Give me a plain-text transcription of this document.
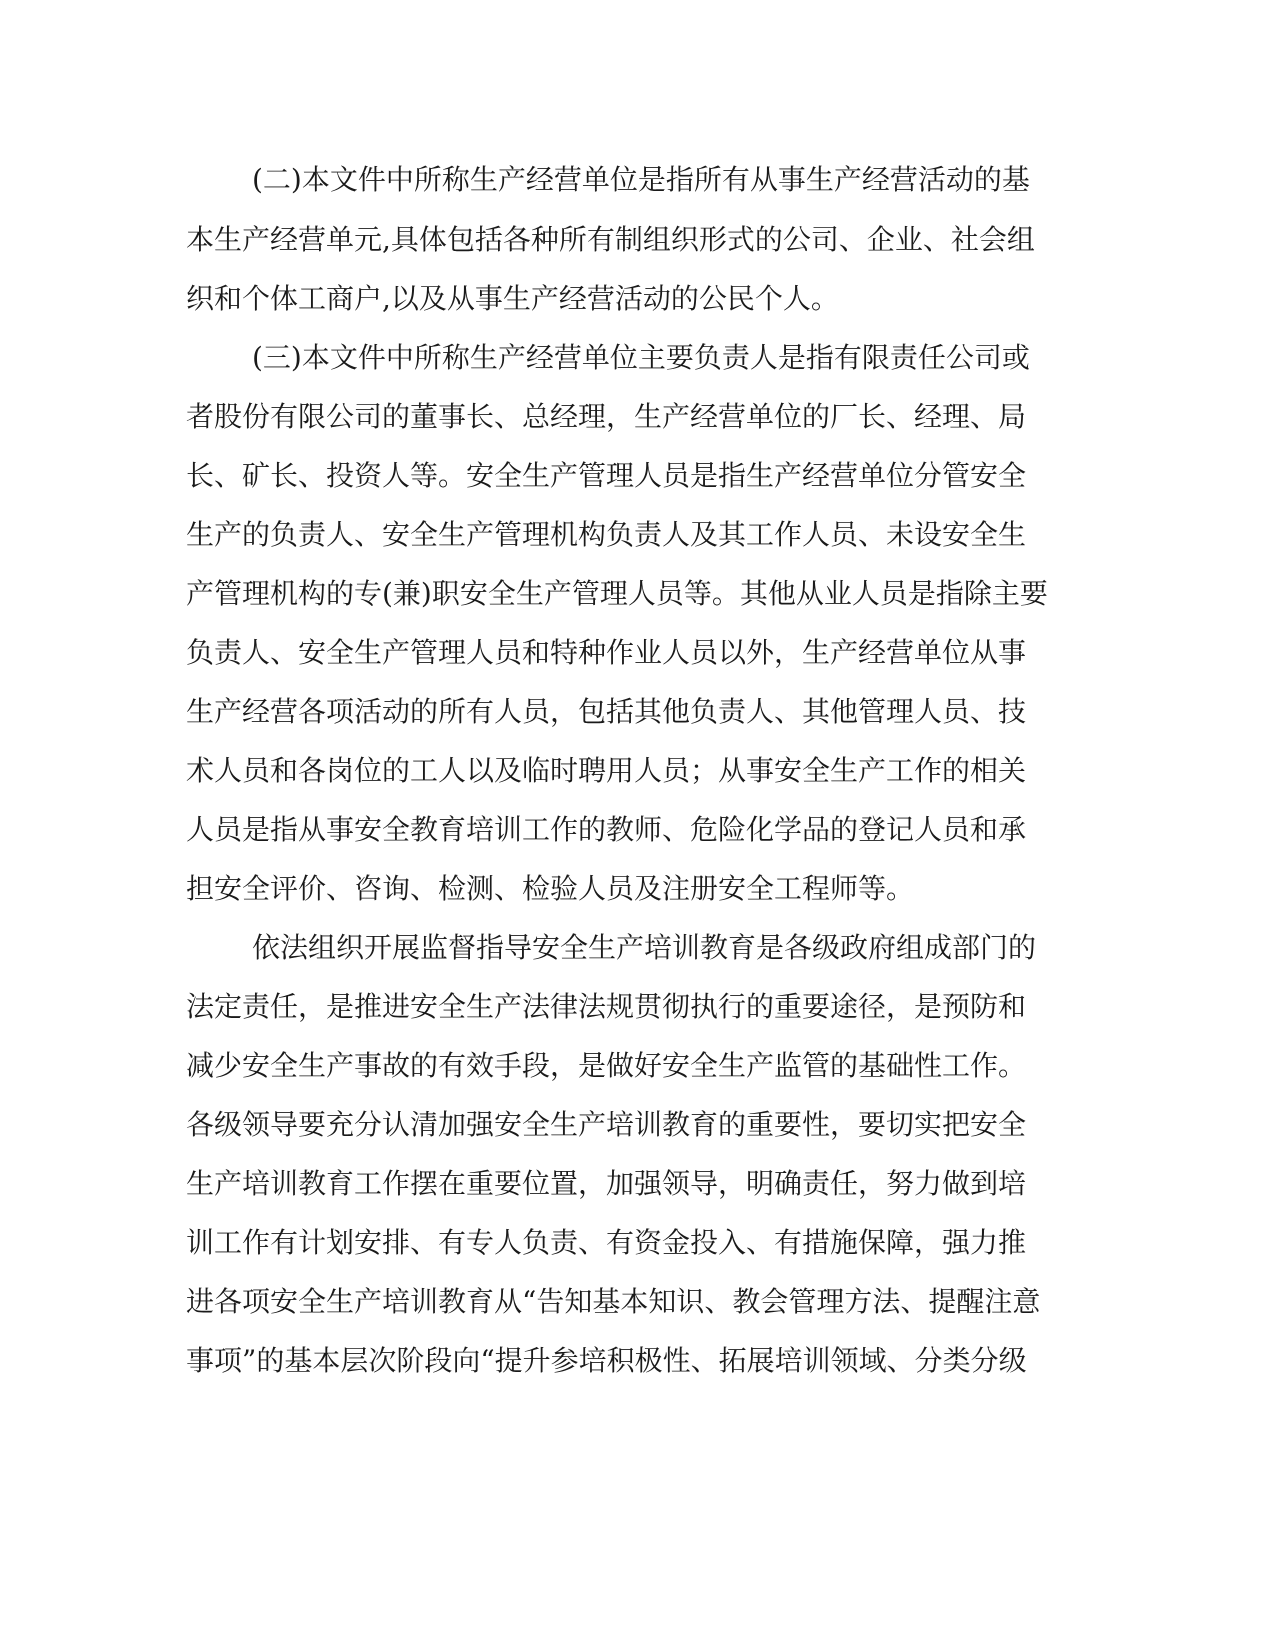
(二)本文件中所称生产经营单位是指所有从事生产经营活动的基
本生产经营单元,具体包括各种所有制组织形式的公司、企业、社会组
织和个体工商户,以及从事生产经营活动的公民个人。
(三)本文件中所称生产经营单位主要负责人是指有限责任公司或
者股份有限公司的董事长、总经理，生产经营单位的厂长、经理、局
长、矿长、投资人等。安全生产管理人员是指生产经营单位分管安全
生产的负责人、安全生产管理机构负责人及其工作人员、未设安全生
产管理机构的专(兼)职安全生产管理人员等。其他从业人员是指除主要
负责人、安全生产管理人员和特种作业人员以外，生产经营单位从事
生产经营各项活动的所有人员，包括其他负责人、其他管理人员、技
术人员和各岗位的工人以及临时聘用人员；从事安全生产工作的相关
人员是指从事安全教育培训工作的教师、危险化学品的登记人员和承
担安全评价、咨询、检测、检验人员及注册安全工程师等。
依法组织开展监督指导安全生产培训教育是各级政府组成部门的
法定责任，是推进安全生产法律法规贯彻执行的重要途径，是预防和
减少安全生产事故的有效手段，是做好安全生产监管的基础性工作。
各级领导要充分认清加强安全生产培训教育的重要性，要切实把安全
生产培训教育工作摆在重要位置，加强领导，明确责任，努力做到培
训工作有计划安排、有专人负责、有资金投入、有措施保障，强力推
进各项安全生产培训教育从“告知基本知识、教会管理方法、提醒注意
事项”的基本层次阶段向“提升参培积极性、拓展培训领域、分类分级
